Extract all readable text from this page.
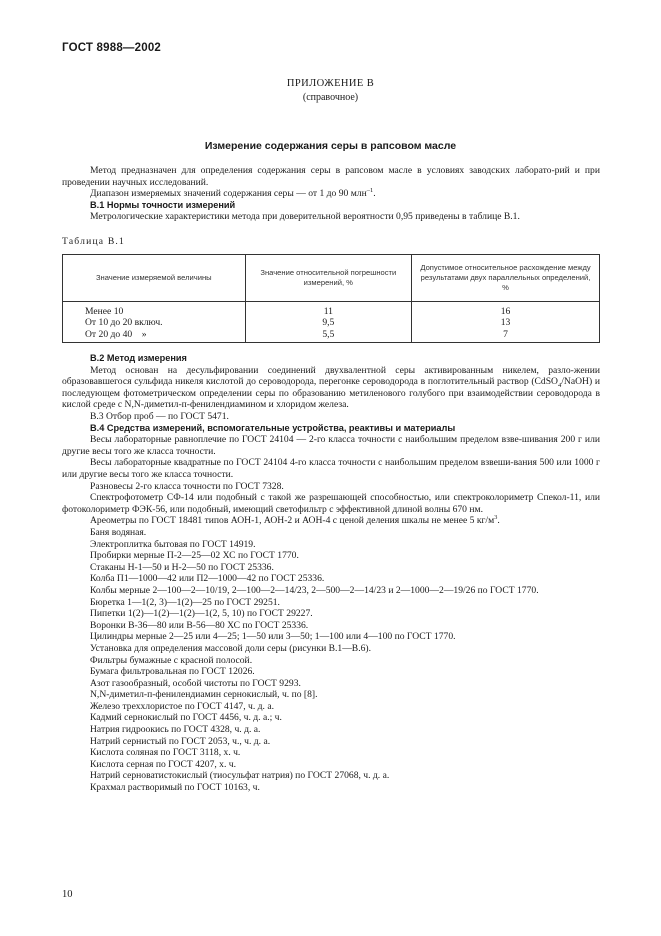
ГОСТ 8988—2002
ПРИЛОЖЕНИЕ В
(справочное)
Измерение содержания серы в рапсовом масле

Метод предназначен для определения содержания серы в рапсовом масле в условиях заводских лаборато-рий и при проведении научных исследований.

Диапазон измеряемых значений содержания серы — от 1 до 90 млн$^{-1}$.

В.1 Нормы точности измерений

Метрологические характеристики метода при доверительной вероятности 0,95 приведены в таблице В.1.

Таблица В.1
Значение измеряемой величины	Значение относительной погрешности измерений, %	Допустимое относительное расхождение между результатами двух параллельных определений, %
Менее 10	11	16
От 10 до 20 включ.	9,5	13
От 20 до 40    »	5,5	7

В.2 Метод измерения

Метод основан на десульфировании соединений двухвалентной серы активированным никелем, разло-жении образовавшегося сульфида никеля кислотой до сероводорода, перегонке сероводорода в поглотительный раствор (CdSO$_4$/NaOH) и последующем фотометрическом определении серы по образованию метиленового голубого при взаимодействии сероводорода в кислой среде с N,N-диметил-п-фенилендиамином и хлоридом железа.

В.3 Отбор проб — по ГОСТ 5471.

В.4 Средства измерений, вспомогательные устройства, реактивы и материалы

Весы лабораторные равноплечие по ГОСТ 24104 — 2-го класса точности с наибольшим пределом взве-шивания 200 г или другие весы того же класса точности.

Весы лабораторные квадратные по ГОСТ 24104 4-го класса точности с наибольшим пределом взвеши-вания 500 или 1000 г или другие весы того же класса точности.

Разновесы 2-го класса точности по ГОСТ 7328.

Спектрофотометр СФ-14 или подобный с такой же разрешающей способностью, или спектроколориметр Спекол-11, или фотоколориметр ФЭК-56, или подобный, имеющий светофильтр с эффективной длиной волны 670 нм.

Ареометры по ГОСТ 18481 типов АОН-1, АОН-2 и АОН-4 с ценой деления шкалы не менее 5 $кг/м^3$.

Баня водяная.

Электроплитка бытовая по ГОСТ 14919.

Пробирки мерные П-2—25—02 ХС по ГОСТ 1770.

Стаканы Н-1—50 и Н-2—50 по ГОСТ 25336.

Колба П1—1000—42 или П2—1000—42 по ГОСТ 25336.

Колбы мерные 2—100—2—10/19, 2—100—2—14/23, 2—500—2—14/23 и 2—1000—2—19/26 по ГОСТ 1770.

Бюретка 1—1(2, 3)—1(2)—25 по ГОСТ 29251.

Пипетки 1(2)—1(2)—1(2)—1(2, 5, 10) по ГОСТ 29227.

Воронки В-36—80 или В-56—80 ХС по ГОСТ 25336.

Цилиндры мерные 2—25 или 4—25; 1—50 или 3—50; 1—100 или 4—100 по ГОСТ 1770.

Установка для определения массовой доли серы (рисунки В.1—В.6).

Фильтры бумажные с красной полосой.

Бумага фильтровальная по ГОСТ 12026.

Азот газообразный, особой чистоты по ГОСТ 9293.

N,N-диметил-п-фенилендиамин сернокислый, ч. по [8].

Железо треххлористое по ГОСТ 4147, ч. д. а.

Кадмий сернокислый по ГОСТ 4456, ч. д. а.; ч.

Натрия гидроокись по ГОСТ 4328, ч. д. а.

Натрий сернистый по ГОСТ 2053, ч., ч. д. а.

Кислота соляная по ГОСТ 3118, х. ч.

Кислота серная по ГОСТ 4207, х. ч.

Натрий серноватистокислый (тиосульфат натрия) по ГОСТ 27068, ч. д. а.

Крахмал растворимый по ГОСТ 10163, ч.

10
